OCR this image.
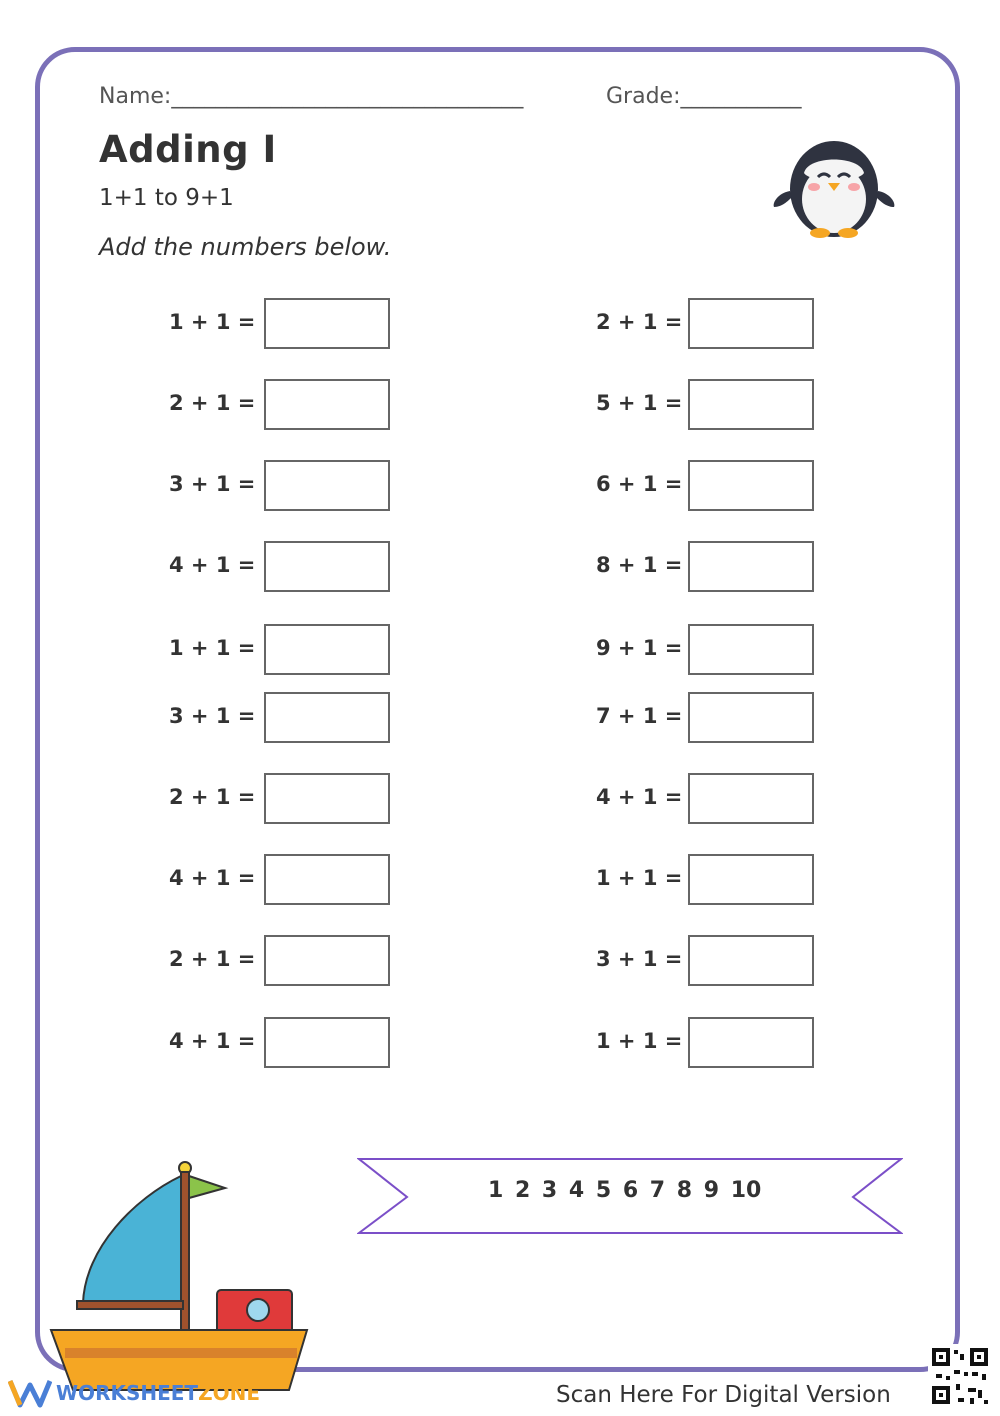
Name:________________________________	Grade:___________
Adding I
1+1 to 9+1
Add the numbers below.
1 + 1 =
2 + 1 =
3 + 1 =
4 + 1 =
1 + 1 =
3 + 1 =
2 + 1 =
4 + 1 =
2 + 1 =
4 + 1 =
2 + 1 =
5 + 1 =
6 + 1 =
8 + 1 =
9 + 1 =
7 + 1 =
4 + 1 =
1 + 1 =
3 + 1 =
1 + 1 =
1 2 3 4 5 6 7 8 9 10
WORKSHEETZONE	Scan Here For Digital Version
